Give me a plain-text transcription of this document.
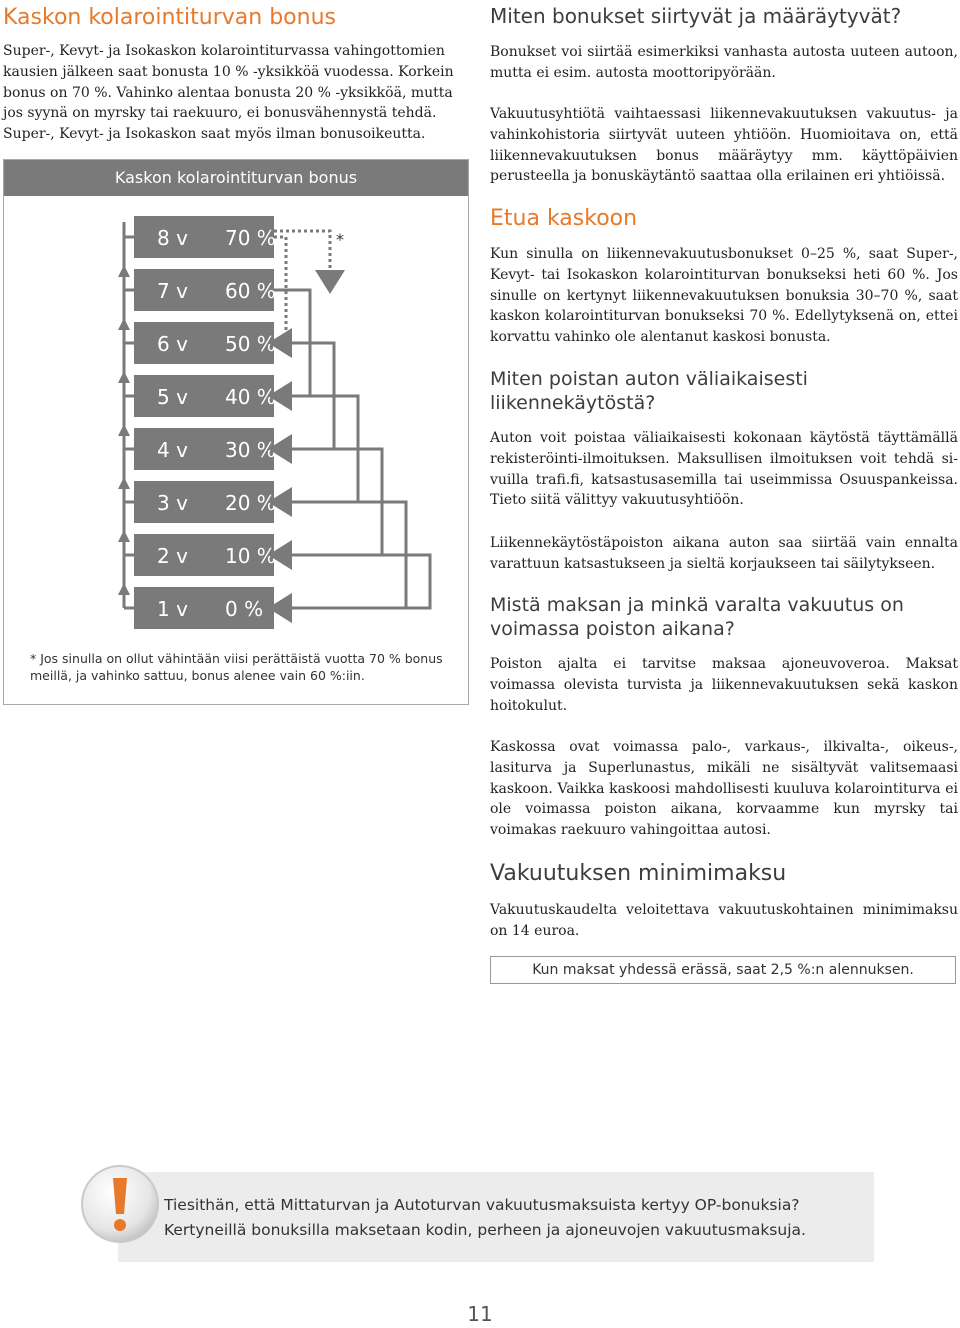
Kaskon kolarointiturvan bonus

Super-, Kevyt- ja Isokaskon kolarointiturvassa vahingottomien kausien jälkeen saat bonusta 10 % -yksikköä vuodessa. Korkein bonus on 70 %. Vahinko alentaa bonusta 20 % -yksikköä, mutta jos syynä on myrsky tai raekuuro, ei bonusvähennystä tehdä. Super-, Kevyt- ja Isokaskon saat myös ilman bonusoikeutta.

Kaskon kolarointiturvan bonus
8 v 70 %
7 v 60 %
6 v 50 %
5 v 40 %
4 v 30 %
3 v 20 %
2 v 10 %
1 v 0 %
*
* Jos sinulla on ollut vähintään viisi perättäistä vuotta 70 % bonus meillä, ja vahinko sattuu, bonus alenee vain 60 %:iin.
Miten bonukset siirtyvät ja määräytyvät?

Bonukset voi siirtää esimerkiksi vanhasta autosta uuteen autoon, mutta ei esim. autosta moottoripyörään.

Vakuutusyhtiötä vaihtaessasi liikennevakuutuksen vakuutus- ja vahinkohistoria siirtyvät uuteen yhtiöön. Huomioitava on, että liikennevakuutuksen bonus määräytyy mm. käyttöpäivien perusteella ja bonuskäytäntö saattaa olla erilainen eri yhtiöissä.

Etua kaskoon

Kun sinulla on liikennevakuutusbonukset 0–25 %, saat Super-, Kevyt- tai Isokaskon kolarointiturvan bonukseksi heti 60 %. Jos sinulle on kertynyt liikennevakuutuksen bonuksia 30–70 %, saat kaskon kolarointiturvan bonukseksi 70 %. Edellytyksenä on, ettei korvattu vahinko ole alentanut kaskosi bonusta.

Miten poistan auton väliaikaisesti liikennekäytöstä?

Auton voit poistaa väliaikaisesti kokonaan käytöstä täyttämällä rekisteröinti-ilmoituksen. Maksullisen ilmoituksen voit tehdä si-vuilla trafi.fi, katsastusasemilla tai useimmissa Osuuspankeissa. Tieto siitä välittyy vakuutusyhtiöön.

Liikennekäytöstäpoiston aikana auton saa siirtää vain ennalta varattuun katsastukseen ja sieltä korjaukseen tai säilytykseen.

Mistä maksan ja minkä varalta vakuutus on voimassa poiston aikana?

Poiston ajalta ei tarvitse maksaa ajoneuvoveroa. Maksat voimassa olevista turvista ja liikennevakuutuksen sekä kaskon hoitokulut.

Kaskossa ovat voimassa palo-, varkaus-, ilkivalta-, oikeus-, lasiturva ja Superlunastus, mikäli ne sisältyvät valitsemaasi kaskoon. Vaikka kaskoosi mahdollisesti kuuluva kolarointiturva ei ole voimassa poiston aikana, korvaamme kun myrsky tai voimakas raekuuro vahingoittaa autosi.

Vakuutuksen minimimaksu

Vakuutuskaudelta veloitettava vakuutuskohtainen minimimaksu on 14 euroa.

Kun maksat yhdessä erässä, saat 2,5 %:n alennuksen.
Tiesithän, että Mittaturvan ja Autoturvan vakuutusmaksuista kertyy OP-bonuksia?
Kertyneillä bonuksilla maksetaan kodin, perheen ja ajoneuvojen vakuutusmaksuja.
11
